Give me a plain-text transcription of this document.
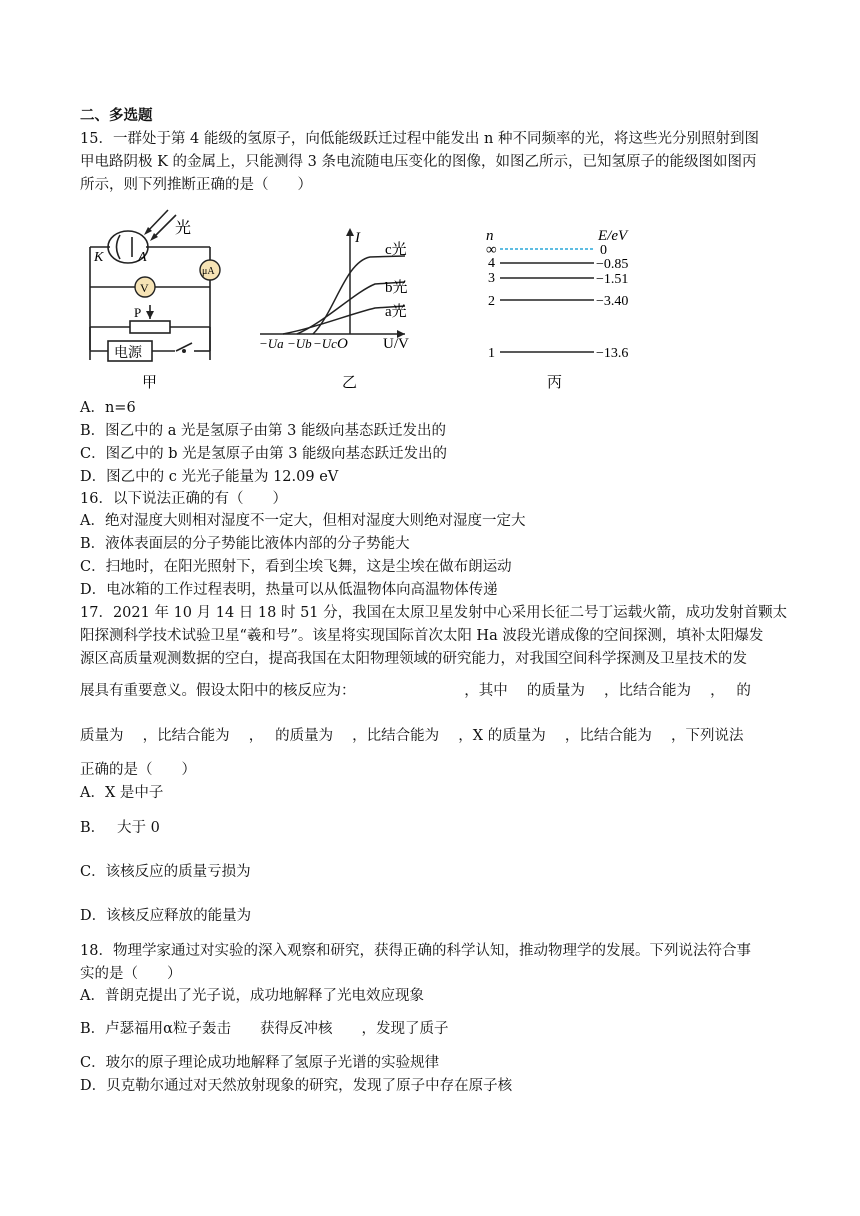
二、多选题
15．一群处于第 4 能级的氢原子，向低能级跃迁过程中能发出 n 种不同频率的光，将这些光分别照射到图
甲电路阴极 K 的金属上，只能测得 3 条电流随电压变化的图像，如图乙所示，已知氢原子的能级图如图丙
所示，则下列推断正确的是（　　）
光
K A
μA
V
P
电源
甲
I
U/V
O
c光
b光
a光
−Ua −Ub −Uc
乙
n	E/eV
∞
4
3
2
1
0
−0.85
−1.51
−3.40
−13.6
丙
A．n=6
B．图乙中的 a 光是氢原子由第 3 能级向基态跃迁发出的
C．图乙中的 b 光是氢原子由第 3 能级向基态跃迁发出的
D．图乙中的 c 光光子能量为 12.09 eV
16．以下说法正确的有（　　）
A．绝对湿度大则相对湿度不一定大，但相对湿度大则绝对湿度一定大
B．液体表面层的分子势能比液体内部的分子势能大
C．扫地时，在阳光照射下，看到尘埃飞舞，这是尘埃在做布朗运动
D．电冰箱的工作过程表明，热量可以从低温物体向高温物体传递
17．2021 年 10 月 14 日 18 时 51 分，我国在太原卫星发射中心采用长征二号丁运载火箭，成功发射首颗太
阳探测科学技术试验卫星“羲和号”。该星将实现国际首次太阳 Ha 波段光谱成像的空间探测，填补太阳爆发
源区高质量观测数据的空白，提高我国在太阳物理领域的研究能力，对我国空间科学探测及卫星技术的发
展具有重要意义。假设太阳中的核反应为：　　　　　　　　，其中　 的质量为　 ，比结合能为　 ，　 的
质量为　 ，比结合能为　 ，　 的质量为　 ，比结合能为　 ，X 的质量为　 ，比结合能为　 ，下列说法
正确的是（　　）
A．X 是中子
B．　 大于 0
C．该核反应的质量亏损为
D．该核反应释放的能量为
18．物理学家通过对实验的深入观察和研究，获得正确的科学认知，推动物理学的发展。下列说法符合事
实的是（　　）
A．普朗克提出了光子说，成功地解释了光电效应现象
B．卢瑟福用α粒子轰击　　获得反冲核　　，发现了质子
C．玻尔的原子理论成功地解释了氢原子光谱的实验规律
D．贝克勒尔通过对天然放射现象的研究，发现了原子中存在原子核
